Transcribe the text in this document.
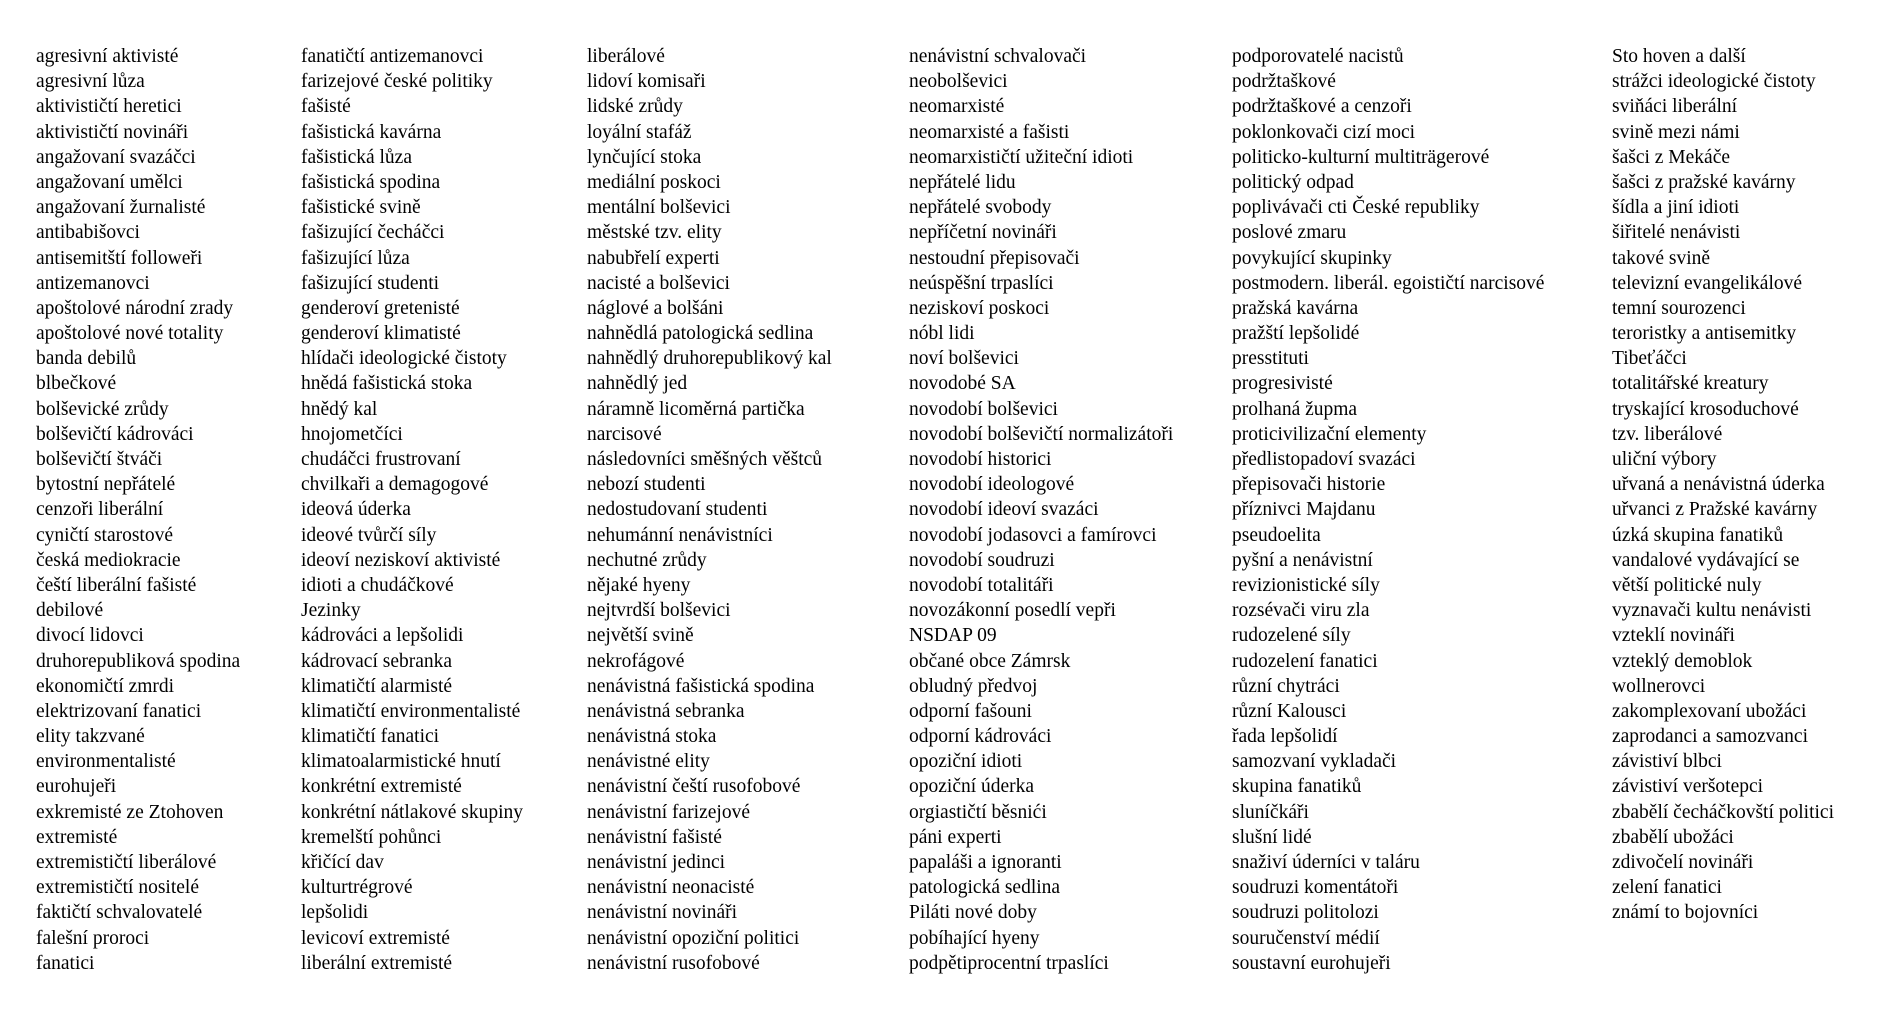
agresivní aktivisté
agresivní lůza
aktivističtí heretici
aktivističtí novináři
angažovaní svazáčci
angažovaní umělci
angažovaní žurnalisté
antibabišovci
antisemitští followeři
antizemanovci
apoštolové národní zrady
apoštolové nové totality
banda debilů
blbečkové
bolševické zrůdy
bolševičtí kádrováci
bolševičtí štváči
bytostní nepřátelé
cenzoři liberální
cyničtí starostové
česká mediokracie
čeští liberální fašisté
debilové
divocí lidovci
druhorepubliková spodina
ekonomičtí zmrdi
elektrizovaní fanatici
elity takzvané
environmentalisté
eurohujeři
exkremisté ze Ztohoven
extremisté
extremističtí liberálové
extremističtí nositelé
faktičtí schvalovatelé
falešní proroci
fanatici
fanatičtí antizemanovci
farizejové české politiky
fašisté
fašistická kavárna
fašistická lůza
fašistická spodina
fašistické svině
fašizující čecháčci
fašizující lůza
fašizující studenti
genderoví gretenisté
genderoví klimatisté
hlídači ideologické čistoty
hnědá fašistická stoka
hnědý kal
hnojometčíci
chudáčci frustrovaní
chvilkaři a demagogové
ideová úderka
ideové tvůrčí síly
ideoví neziskoví aktivisté
idioti a chudáčkové
Jezinky
kádrováci a lepšolidi
kádrovací sebranka
klimatičtí alarmisté
klimatičtí environmentalisté
klimatičtí fanatici
klimatoalarmistické hnutí
konkrétní extremisté
konkrétní nátlakové skupiny
kremelští pohůnci
křičící dav
kulturtrégrové
lepšolidi
levicoví extremisté
liberální extremisté
liberálové
lidoví komisaři
lidské zrůdy
loyální stafáž
lynčující stoka
mediální poskoci
mentální bolševici
městské tzv. elity
nabubřelí experti
nacisté a bolševici
náglové a bolšáni
nahnědlá patologická sedlina
nahnědlý druhorepublikový kal
nahnědlý jed
náramně licoměrná partička
narcisové
následovníci směšných věštců
nebozí studenti
nedostudovaní studenti
nehumánní nenávistníci
nechutné zrůdy
nějaké hyeny
nejtvrdší bolševici
největší svině
nekrofágové
nenávistná fašistická spodina
nenávistná sebranka
nenávistná stoka
nenávistné elity
nenávistní čeští rusofobové
nenávistní farizejové
nenávistní fašisté
nenávistní jedinci
nenávistní neonacisté
nenávistní novináři
nenávistní opoziční politici
nenávistní rusofobové
nenávistní schvalovači
neobolševici
neomarxisté
neomarxisté a fašisti
neomarxističtí užiteční idioti
nepřátelé lidu
nepřátelé svobody
nepříčetní novináři
nestoudní přepisovači
neúspěšní trpaslíci
neziskoví poskoci
nóbl lidi
noví bolševici
novodobé SA
novodobí bolševici
novodobí bolševičtí normalizátoři
novodobí historici
novodobí ideologové
novodobí ideoví svazáci
novodobí jodasovci a famírovci
novodobí soudruzi
novodobí totalitáři
novozákonní posedlí vepři
NSDAP 09
občané obce Zámrsk
obludný předvoj
odporní fašouni
odporní kádrováci
opoziční idioti
opoziční úderka
orgiastičtí běsnići
páni experti
papaláši a ignoranti
patologická sedlina
Piláti nové doby
pobíhající hyeny
podpětiprocentní trpaslíci
podporovatelé nacistů
podržtaškové
podržtaškové a cenzoři
poklonkovači cizí moci
politicko-kulturní multiträgerové
politický odpad
poplivávači cti České republiky
poslové zmaru
povykující skupinky
postmodern. liberál. egoističtí narcisové
pražská kavárna
pražští lepšolidé
presstituti
progresivisté
prolhaná župma
proticivilizační elementy
předlistopadoví svazáci
přepisovači historie
příznivci Majdanu
pseudoelita
pyšní a nenávistní
revizionistické síly
rozsévači viru zla
rudozelené síly
rudozelení fanatici
různí chytráci
různí Kalousci
řada lepšolidí
samozvaní vykladači
skupina fanatiků
sluníčkáři
slušní lidé
snaživí úderníci v taláru
soudruzi komentátoři
soudruzi politolozi
souručenství médií
soustavní eurohujeři
Sto hoven a další
strážci ideologické čistoty
sviňáci liberální
svině mezi námi
šašci z Mekáče
šašci z pražské kavárny
šídla a jiní idioti
šiřitelé nenávisti
takové svině
televizní evangelikálové
temní sourozenci
teroristky a antisemitky
Tibeťáčci
totalitářské kreatury
tryskající krosoduchové
tzv. liberálové
uliční výbory
uřvaná a nenávistná úderka
uřvanci z Pražské kavárny
úzká skupina fanatiků
vandalové vydávající se
větší politické nuly
vyznavači kultu nenávisti
vzteklí novináři
vzteklý demoblok
wollnerovci
zakomplexovaní ubožáci
zaprodanci a samozvanci
závistiví blbci
závistiví veršotepci
zbabělí čecháčkovští politici
zbabělí ubožáci
zdivočelí novináři
zelení fanatici
známí to bojovníci
